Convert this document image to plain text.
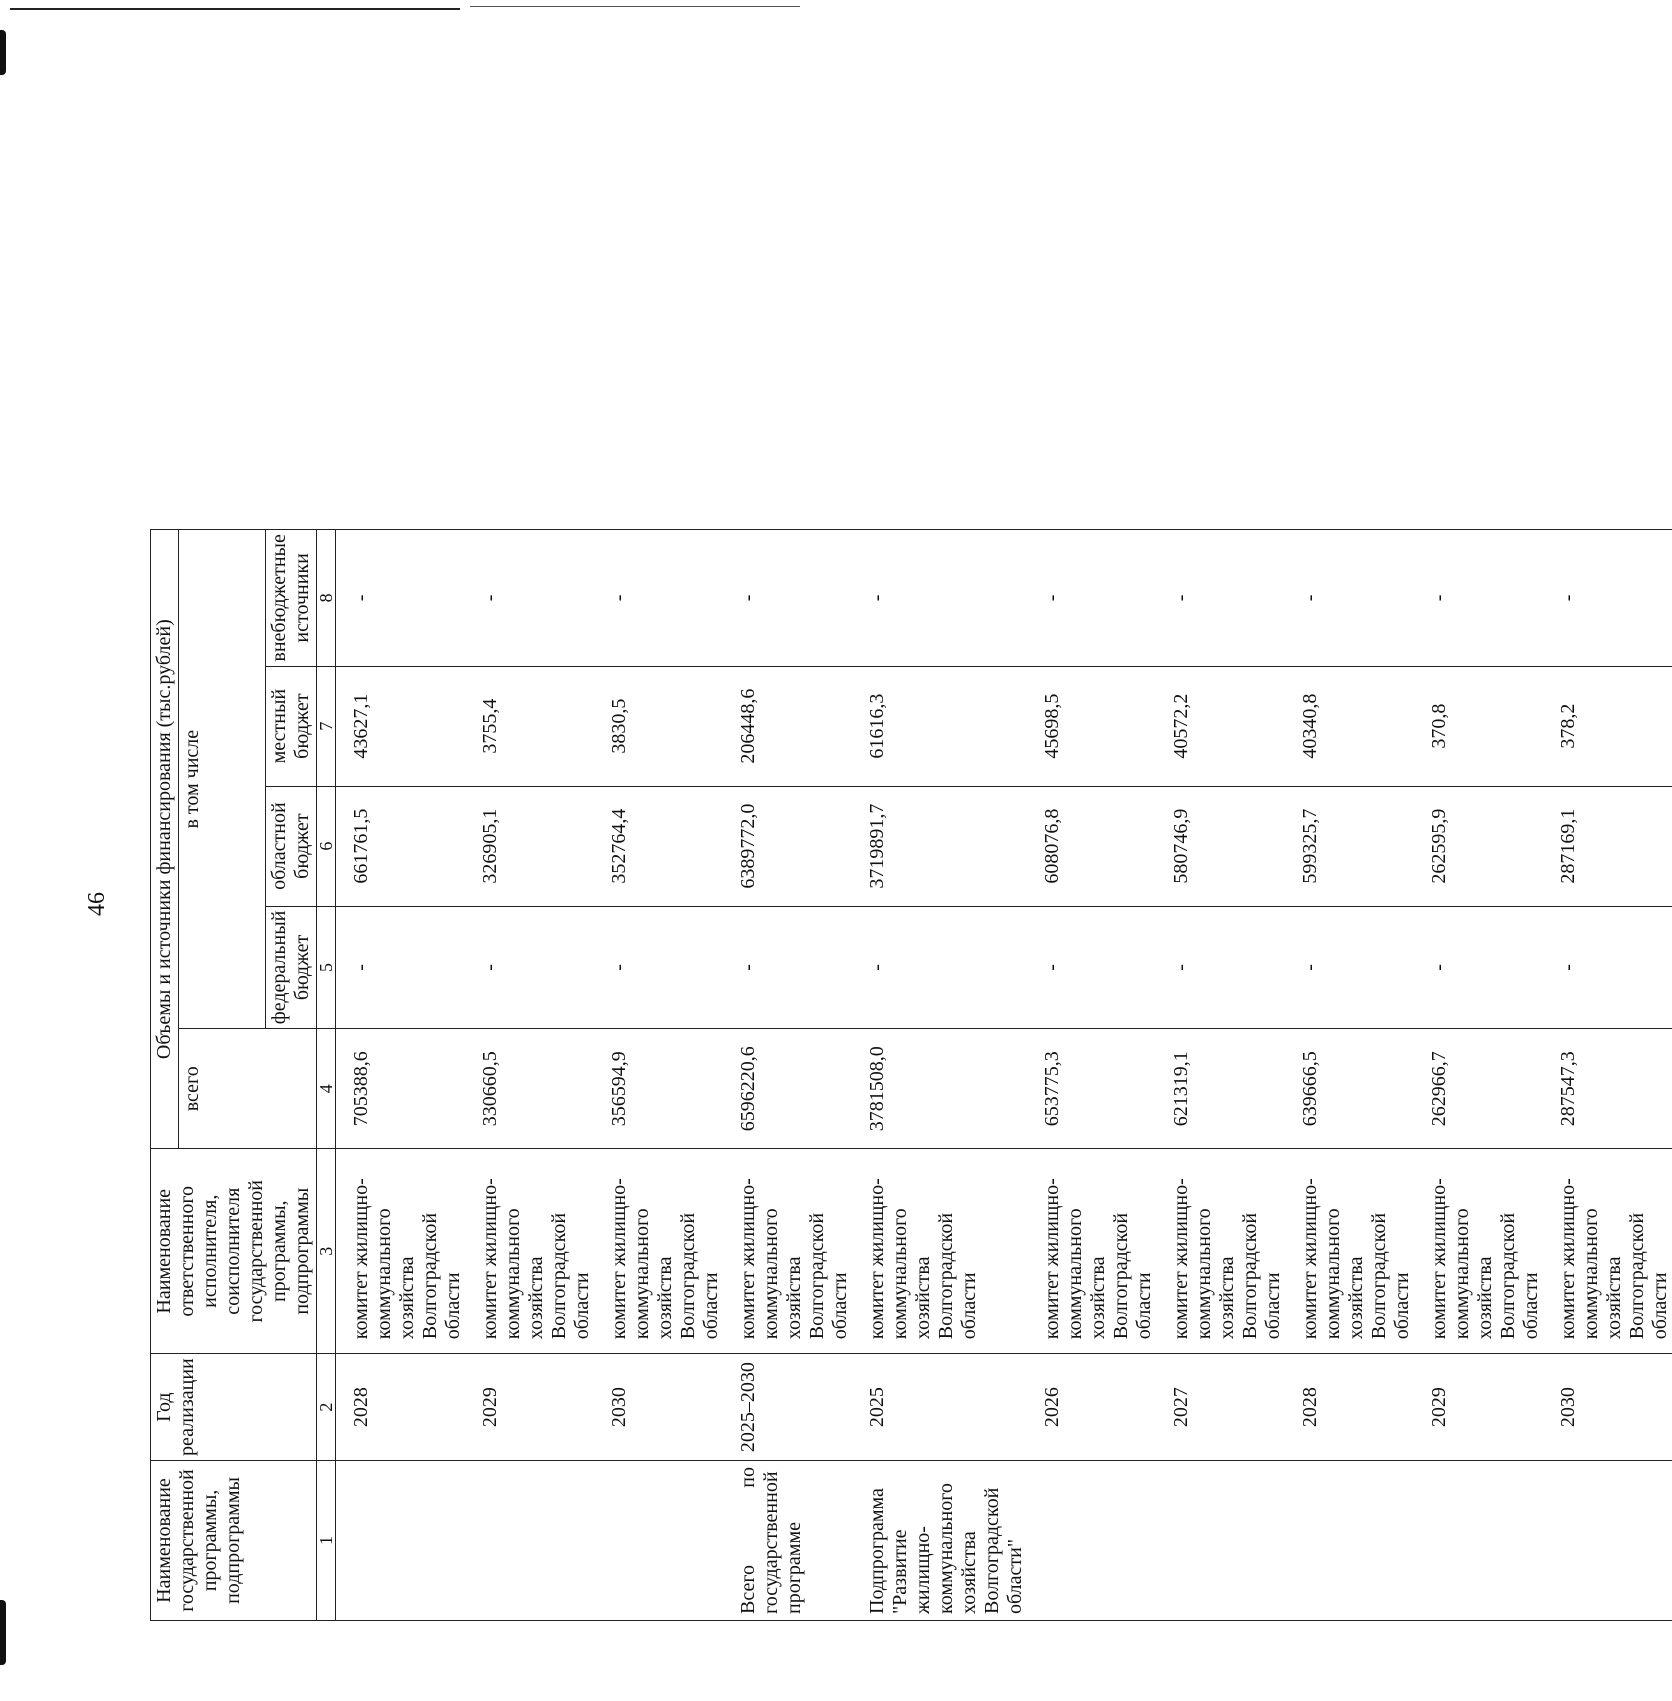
46
Наименование государственной программы, подпрограммы	Год реализации	Наименование ответственного исполнителя, соисполнителя государственной программы, подпрограммы	Объемы и источники финансирования (тыс.рублей)				
			всего	в том числе			
				федеральный бюджет	областной бюджет	местный бюджет	внебюджетные источники
1	2	3	4	5	6	7	8
	2028	комитет жилищно-коммунального хозяйства Волгоградской области	705388,6	-	661761,5	43627,1	-
	2029	комитет жилищно-коммунального хозяйства Волгоградской области	330660,5	-	326905,1	3755,4	-
	2030	комитет жилищно-коммунального хозяйства Волгоградской области	356594,9	-	352764,4	3830,5	-
Всего по государственной программе	2025–2030	комитет жилищно-коммунального хозяйства Волгоградской области	6596220,6	-	6389772,0	206448,6	-
Подпрограмма "Развитие жилищно-коммунального хозяйства Волгоградской области"	2025	комитет жилищно-коммунального хозяйства Волгоградской области	3781508,0	-	3719891,7	61616,3	-
	2026	комитет жилищно-коммунального хозяйства Волгоградской области	653775,3	-	608076,8	45698,5	-
	2027	комитет жилищно-коммунального хозяйства Волгоградской области	621319,1	-	580746,9	40572,2	-
	2028	комитет жилищно-коммунального хозяйства Волгоградской области	639666,5	-	599325,7	40340,8	-
	2029	комитет жилищно-коммунального хозяйства Волгоградской области	262966,7	-	262595,9	370,8	-
	2030	комитет жилищно-коммунального хозяйства Волгоградской области	287547,3	-	287169,1	378,2	-
